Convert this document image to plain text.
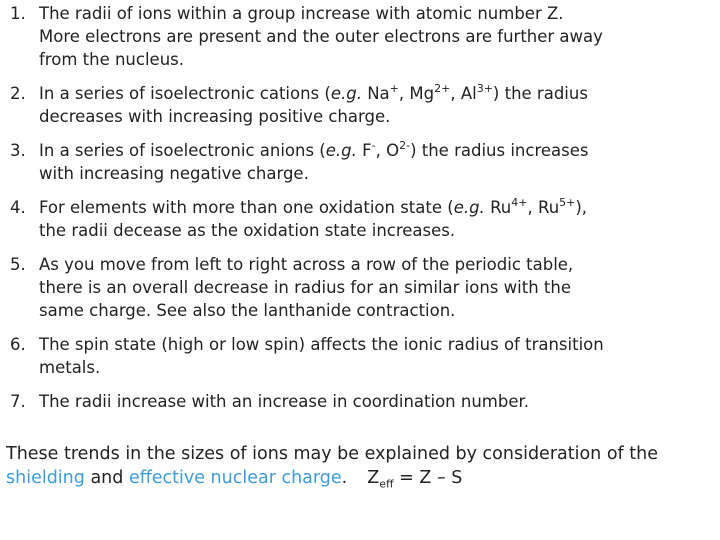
1. The radii of ions within a group increase with atomic number Z.
More electrons are present and the outer electrons are further away
from the nucleus.
2. In a series of isoelectronic cations (e.g. Na+, $Mg^{2+}$, $Al^{3+}$) the radius
decreases with increasing positive charge.
3. In a series of isoelectronic anions (e.g. F-, $O^{2-}$) the radius increases
with increasing negative charge.
4. For elements with more than one oxidation state (e.g. $Ru^{4+}$, $Ru^{5+}$),
the radii decease as the oxidation state increases.
5. As you move from left to right across a row of the periodic table,
there is an overall decrease in radius for an similar ions with the
same charge. See also the lanthanide contraction.
6. The spin state (high or low spin) affects the ionic radius of transition
metals.
7. The radii increase with an increase in coordination number.
These trends in the sizes of ions may be explained by consideration of the
shielding and effective nuclear charge. $Z_{eff} = Z - S$
